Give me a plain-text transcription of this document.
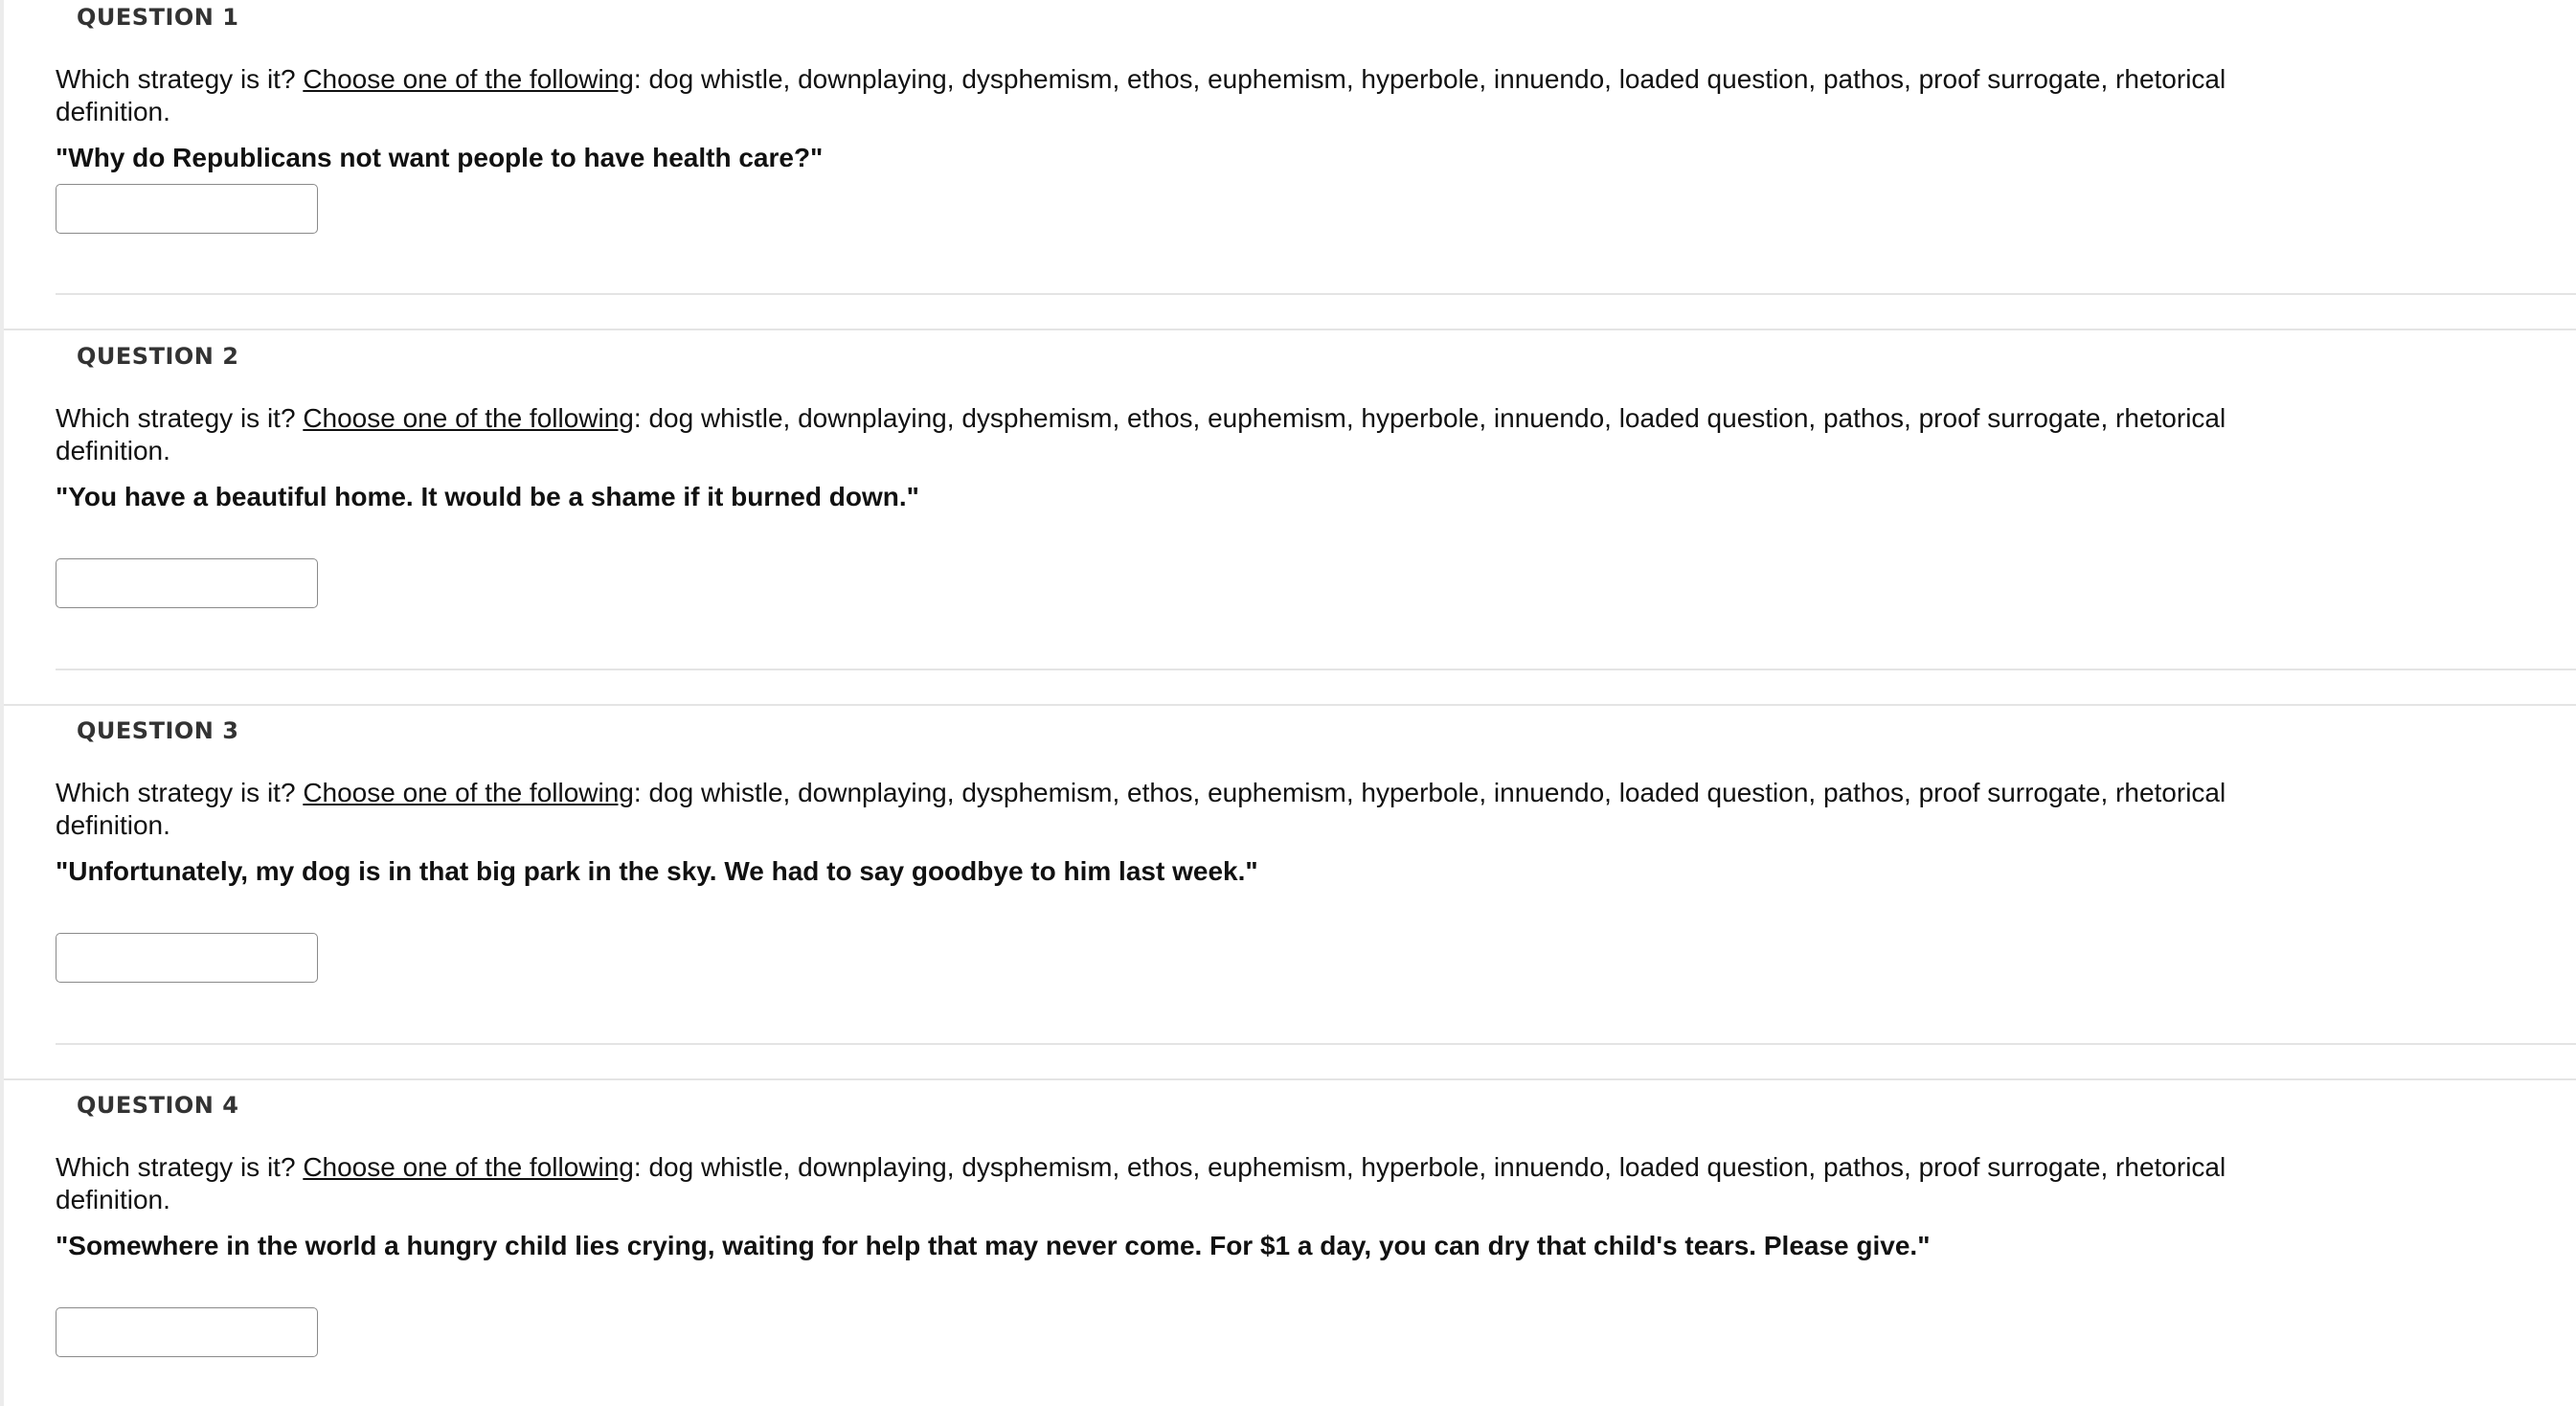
QUESTION 1
Which strategy is it? Choose one of the following: dog whistle, downplaying, dysphemism, ethos, euphemism, hyperbole, innuendo, loaded question, pathos, proof surrogate, rhetorical definition.
"Why do Republicans not want people to have health care?"
QUESTION 2
Which strategy is it? Choose one of the following: dog whistle, downplaying, dysphemism, ethos, euphemism, hyperbole, innuendo, loaded question, pathos, proof surrogate, rhetorical definition.
"You have a beautiful home. It would be a shame if it burned down."
QUESTION 3
Which strategy is it? Choose one of the following: dog whistle, downplaying, dysphemism, ethos, euphemism, hyperbole, innuendo, loaded question, pathos, proof surrogate, rhetorical definition.
"Unfortunately, my dog is in that big park in the sky. We had to say goodbye to him last week."
QUESTION 4
Which strategy is it? Choose one of the following: dog whistle, downplaying, dysphemism, ethos, euphemism, hyperbole, innuendo, loaded question, pathos, proof surrogate, rhetorical definition.
"Somewhere in the world a hungry child lies crying, waiting for help that may never come. For $1 a day, you can dry that child's tears. Please give."
